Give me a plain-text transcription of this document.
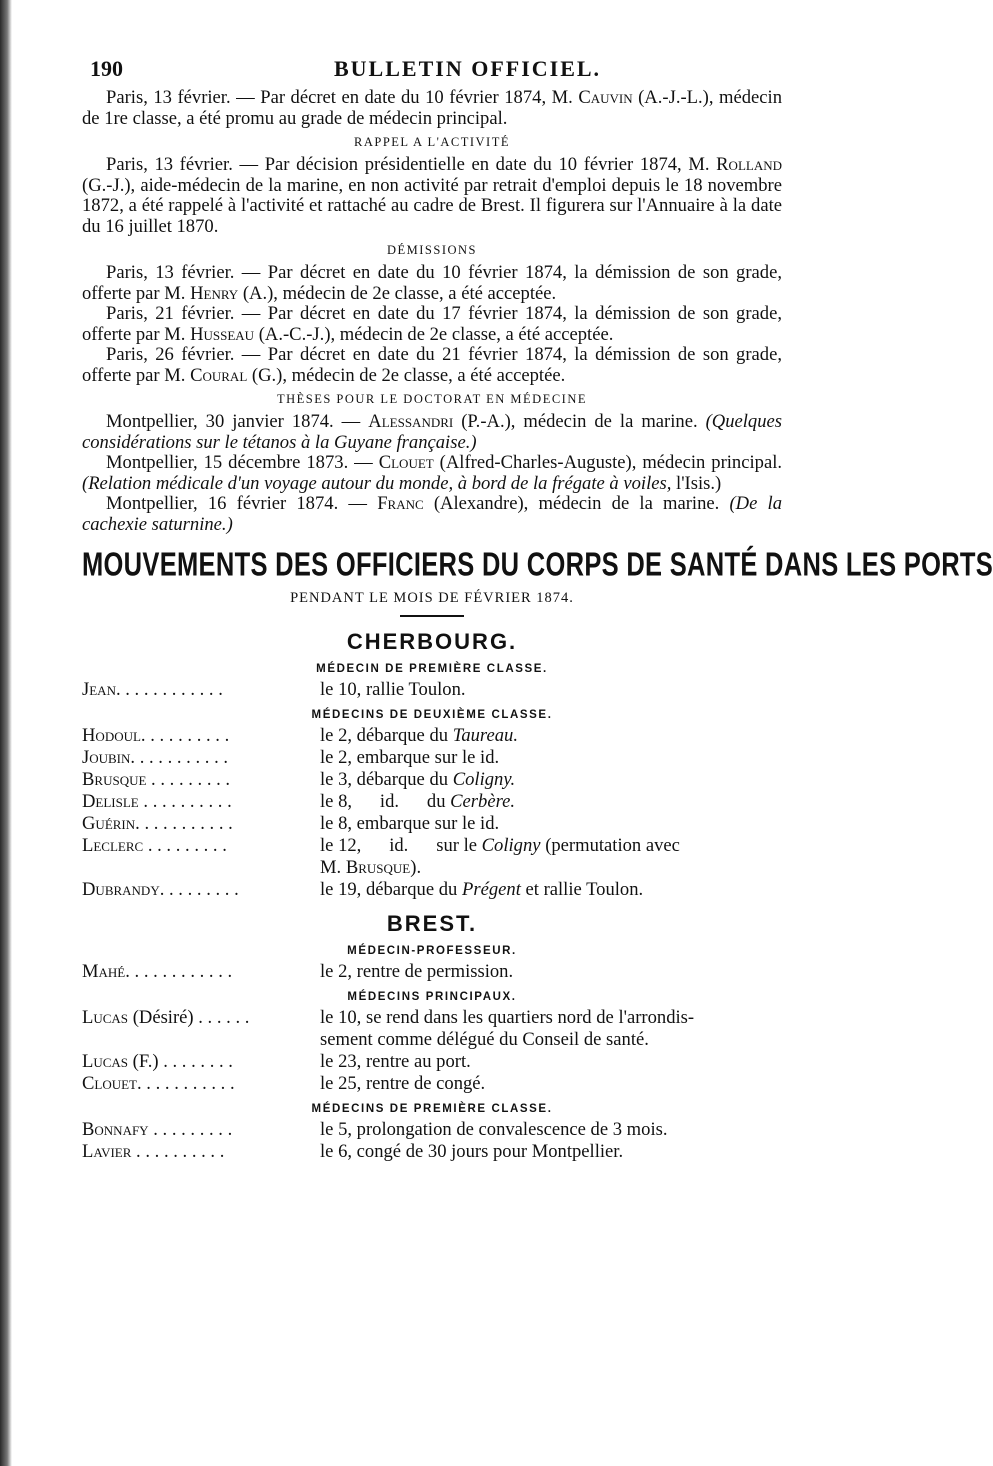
190	BULLETIN OFFICIEL.

Paris, 13 février. — Par décret en date du 10 février 1874, M. Cauvin (A.-J.-L.), médecin de 1re classe, a été promu au grade de médecin principal.

RAPPEL A L'ACTIVITÉ

Paris, 13 février. — Par décision présidentielle en date du 10 février 1874, M. Rolland (G.-J.), aide-médecin de la marine, en non activité par retrait d'emploi depuis le 18 novembre 1872, a été rappelé à l'activité et rattaché au cadre de Brest. Il figurera sur l'Annuaire à la date du 16 juillet 1870.

DÉMISSIONS

Paris, 13 février. — Par décret en date du 10 février 1874, la démission de son grade, offerte par M. Henry (A.), médecin de 2e classe, a été acceptée.

Paris, 21 février. — Par décret en date du 17 février 1874, la démission de son grade, offerte par M. Husseau (A.-C.-J.), médecin de 2e classe, a été acceptée.

Paris, 26 février. — Par décret en date du 21 février 1874, la démission de son grade, offerte par M. Coural (G.), médecin de 2e classe, a été acceptée.

THÈSES POUR LE DOCTORAT EN MÉDECINE

Montpellier, 30 janvier 1874. — Alessandri (P.-A.), médecin de la marine. (Quelques considérations sur le tétanos à la Guyane française.)

Montpellier, 15 décembre 1873. — Clouet (Alfred-Charles-Auguste), médecin principal. (Relation médicale d'un voyage autour du monde, à bord de la frégate à voiles, l'Isis.)

Montpellier, 16 février 1874. — Franc (Alexandre), médecin de la marine. (De la cachexie saturnine.)

MOUVEMENTS DES OFFICIERS DU CORPS DE SANTÉ DANS LES PORTS
PENDANT LE MOIS DE FÉVRIER 1874.
CHERBOURG.
MÉDECIN DE PREMIÈRE CLASSE.
Jean. . . . . . . . . . . .	le 10, rallie Toulon.
MÉDECINS DE DEUXIÈME CLASSE.
Hodoul. . . . . . . . . .	le 2, débarque du Taureau.
Joubin. . . . . . . . . . .	le 2, embarque sur le id.
Brusque . . . . . . . . .	le 3, débarque du Coligny.
Delisle . . . . . . . . . .	le 8,      id.      du Cerbère.
Guérin. . . . . . . . . . .	le 8, embarque sur le id.
Leclerc . . . . . . . . .	le 12,      id.      sur le Coligny (permutation avec
M. Brusque).
Dubrandy. . . . . . . . .	le 19, débarque du Prégent et rallie Toulon.
BREST.
MÉDECIN-PROFESSEUR.
Mahé. . . . . . . . . . . .	le 2, rentre de permission.
MÉDECINS PRINCIPAUX.
Lucas (Désiré) . . . . . .	le 10, se rend dans les quartiers nord de l'arrondis-
sement comme délégué du Conseil de santé.
Lucas (F.) . . . . . . . .	le 23, rentre au port.
Clouet. . . . . . . . . . .	le 25, rentre de congé.
MÉDECINS DE PREMIÈRE CLASSE.
Bonnafy . . . . . . . . .	le 5, prolongation de convalescence de 3 mois.
Lavier . . . . . . . . . .	le 6, congé de 30 jours pour Montpellier.
